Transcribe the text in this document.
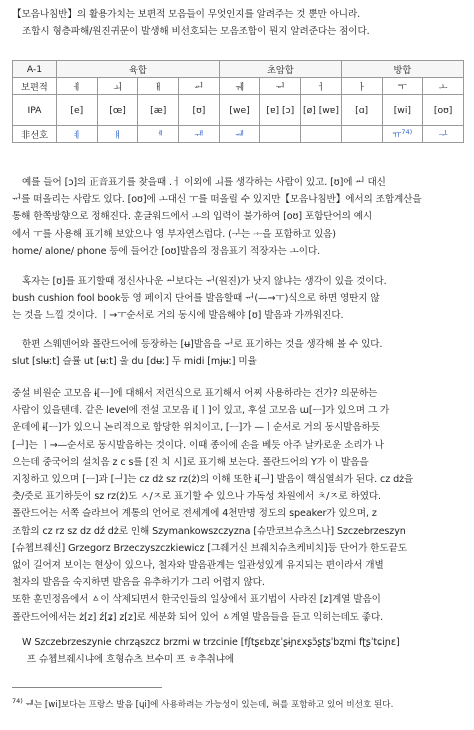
【모음나침반】의 활용가치는 보편적 모음들이 무엇인지를 알려주는 것 뿐만 아니라.
조합시 형층파해/원진귀문이 발생해 비선호되는 모음조합이 뭔지 알려준다는 점이다.
A-1	육합				초암합			방합		
보편적	ㅔ	ㅚ	ㅐ	ᆈ	ㅞ	ᆔ	ㅓ	ㅏ	ㅜ	ㅗ
IPA	[e]	[œ]	[æ]	[ʊ]	[we]	[ɐ] [ɔ]	[ø] [wɐ]	[ɑ]	[wi]	[oʊ]
非선호	ㅖ	ㅒ	ᅨ	ᆊ	ᆌ				ㅠ$^{74)}$	ᆛ
예를 들어 [ɔ]의 正音표기를 찾을때 .ㅓ 이외에 ㅚ를 생각하는 사람이 있고. [ʊ]에 ᆈ 대신
ᆔ를 떠올리는 사람도 있다. [oʊ]에 ㅗ대신 ㅜ를 떠올릴 수 있지만【모음나침반】에서의 조합계산을
통해 한쪽방향으로 정해진다. 훈글워드에서 ㅗ의 입력이 불가하여 [oʊ] 포함단어의 예시
에서 ㅜ를 사용해 표기해 보았으나 영 부자연스럽다. (ᆛ는 ᆠ을 포함하고 있음)
home/ alone/ phone 등에 들어간 [oʊ]발음의 정음표기 적장자는 ㅗ이다.
혹자는 [ʊ]를 표기할때 정신사나운 ᆈ보다는 ᆔ(원진)가 낫지 않냐는 생각이 있을 것이다.
bush cushion fool book등 영 페이지 단어를 발음할때 ᆔ(—→ㅜ)식으로 하면 영딴지 않
는 것을 느낄 것이다. ㅣ→ㅜ순서로 거의 동시에 발음해야 [ʊ] 발음과 가까워진다.
한편 스웨덴어와 폴란드어에 등장하는 [ʉ]발음을 ᆔ로 표기하는 것을 생각해 볼 수 있다.
slut [slʉːt] 슬률 ut [ʉːt] 울 du [dʉː] 두 midi [mjʉː] 미율
중설 비원순 고모음 ɨ[ᅳ]에 대해서 저런식으로 표기해서 어찌 사용하라는 건가? 의문하는
사람이 있을텐데. 같은 level에 전설 고모음 i[ㅣ]이 있고, 후설 고모음 ɯ[ᅳ]가 있으며 그 가
운데에 ɨ[ᅳ]가 있으니 논리적으로 합당한 위치이고, [ᅳ]가 —ㅣ순서로 거의 동시발음하듯
[ᅴ]는 ㅣ→—순서로 동시발음하는 것이다. 이때 종이에 손을 베듯 아주 날카로운 소리가 나
으는데 중국어의 설치음 z c s를 [진 치 시]로 표기해 보는다. 폴란드어의 Y가 이 발음을
지칭하고 있으며 [ᅳ]과 [ᅴ]는 cz dż sz rz(ż)의 이해 또한 ɨ[ᅴ] 발음이 핵심열쇠가 된다. cz dż을
츳/즛로 표기하듯이 sz rz(ż)도 ㅅ/ㅈ로 표기할 수 있으나 가독성 차원에서 ㅊ/ㅈ로 하였다.
폴란드어는 서쪽 슬라브어 계통의 언어로 전세계에 4천만명 정도의 speaker가 있으며, z
조합의 cz rz sz dz dź dż로 인해 Szymankowszczyzna [슈만코브슈츠스나] Szczebrzeszyn
[슈쳅브줴신] Grzegorz Brzeczyszczkiewicz [그줴거신 브줴치슈츠케비치]등 단어가 한도끝도
없이 길어져 보이는 현상이 있으나, 철자와 발음관계는 일관성있게 유지되는 편이라서 개별
철자의 발음을 숙지하면 발음을 유추하기가 그리 어렵지 않다.
또한 훈민정음에서 ㅿ이 삭제되면서 한국인들의 일상에서 표기법이 사라진 [z]계열 발음이
폴란드어에서는 ż[z] ź[ʑ] z[z]로 세분화 되어 있어 ㅿ계열 발음들을 듣고 익히는데도 좋다.
W Szczebrzeszynie chrząszcz brzmi w trzcinie [fʃtʂɛbʐɛˈʂɨɲɛxʂɔ̃ʂʈʂˈbʐmi fʈʂˈtɕiɲɛ]
프 슈쳅브줴시냐에 흐형슈츠 브수미 프 ㅎ추취냐에
$^{74)}$ ᆒ는 [wi]보다는 프랑스 발음 [ɥi]에 사용하려는 가능성이 있는데, 혀를 포함하고 있어 비선호 된다.
